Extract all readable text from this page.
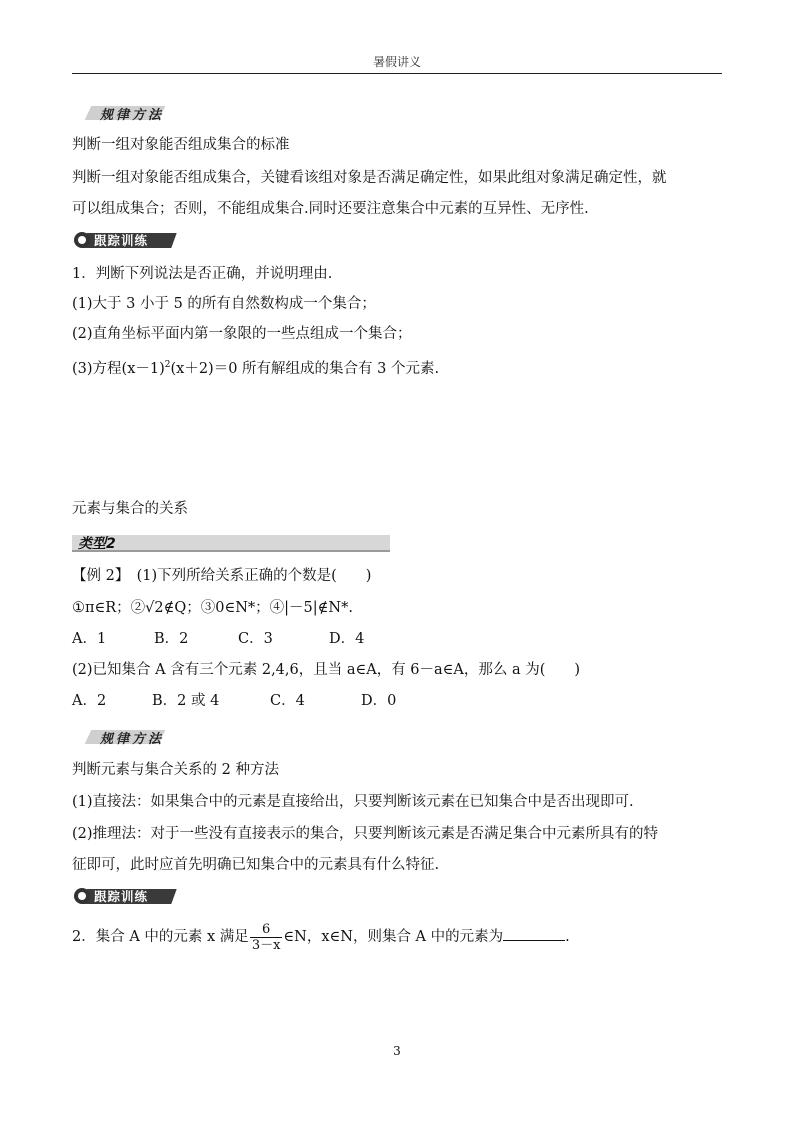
暑假讲义
规律方法
判断一组对象能否组成集合的标准
判断一组对象能否组成集合，关键看该组对象是否满足确定性，如果此组对象满足确定性，就
可以组成集合；否则，不能组成集合.同时还要注意集合中元素的互异性、无序性.
跟踪训练
1．判断下列说法是否正确，并说明理由.
(1)大于 3 小于 5 的所有自然数构成一个集合；
(2)直角坐标平面内第一象限的一些点组成一个集合；
(3)方程$(x-1)^2(x+2)=0$ 所有解组成的集合有 3 个元素.
元素与集合的关系
类型2
【例 2】　(1)下列所给关系正确的个数是(　　)
①π∈R；②√2∉Q；③0∈N*；④|－5|∉N*.
A．1	B．2	C．3	D．4
(2)已知集合 A 含有三个元素 2,4,6，且当 a∈A，有 6－a∈A，那么 a 为(　　)
A．2	B．2 或 4	C．4	D．0
规律方法
判断元素与集合关系的 2 种方法
(1)直接法：如果集合中的元素是直接给出，只要判断该元素在已知集合中是否出现即可.
(2)推理法：对于一些没有直接表示的集合，只要判断该元素是否满足集合中元素所具有的特
征即可，此时应首先明确已知集合中的元素具有什么特征.
跟踪训练
2．集合 A 中的元素 x 满足 $\frac{6}{3-x}$ ∈N，x∈N，则集合 A 中的元素为	.
3
